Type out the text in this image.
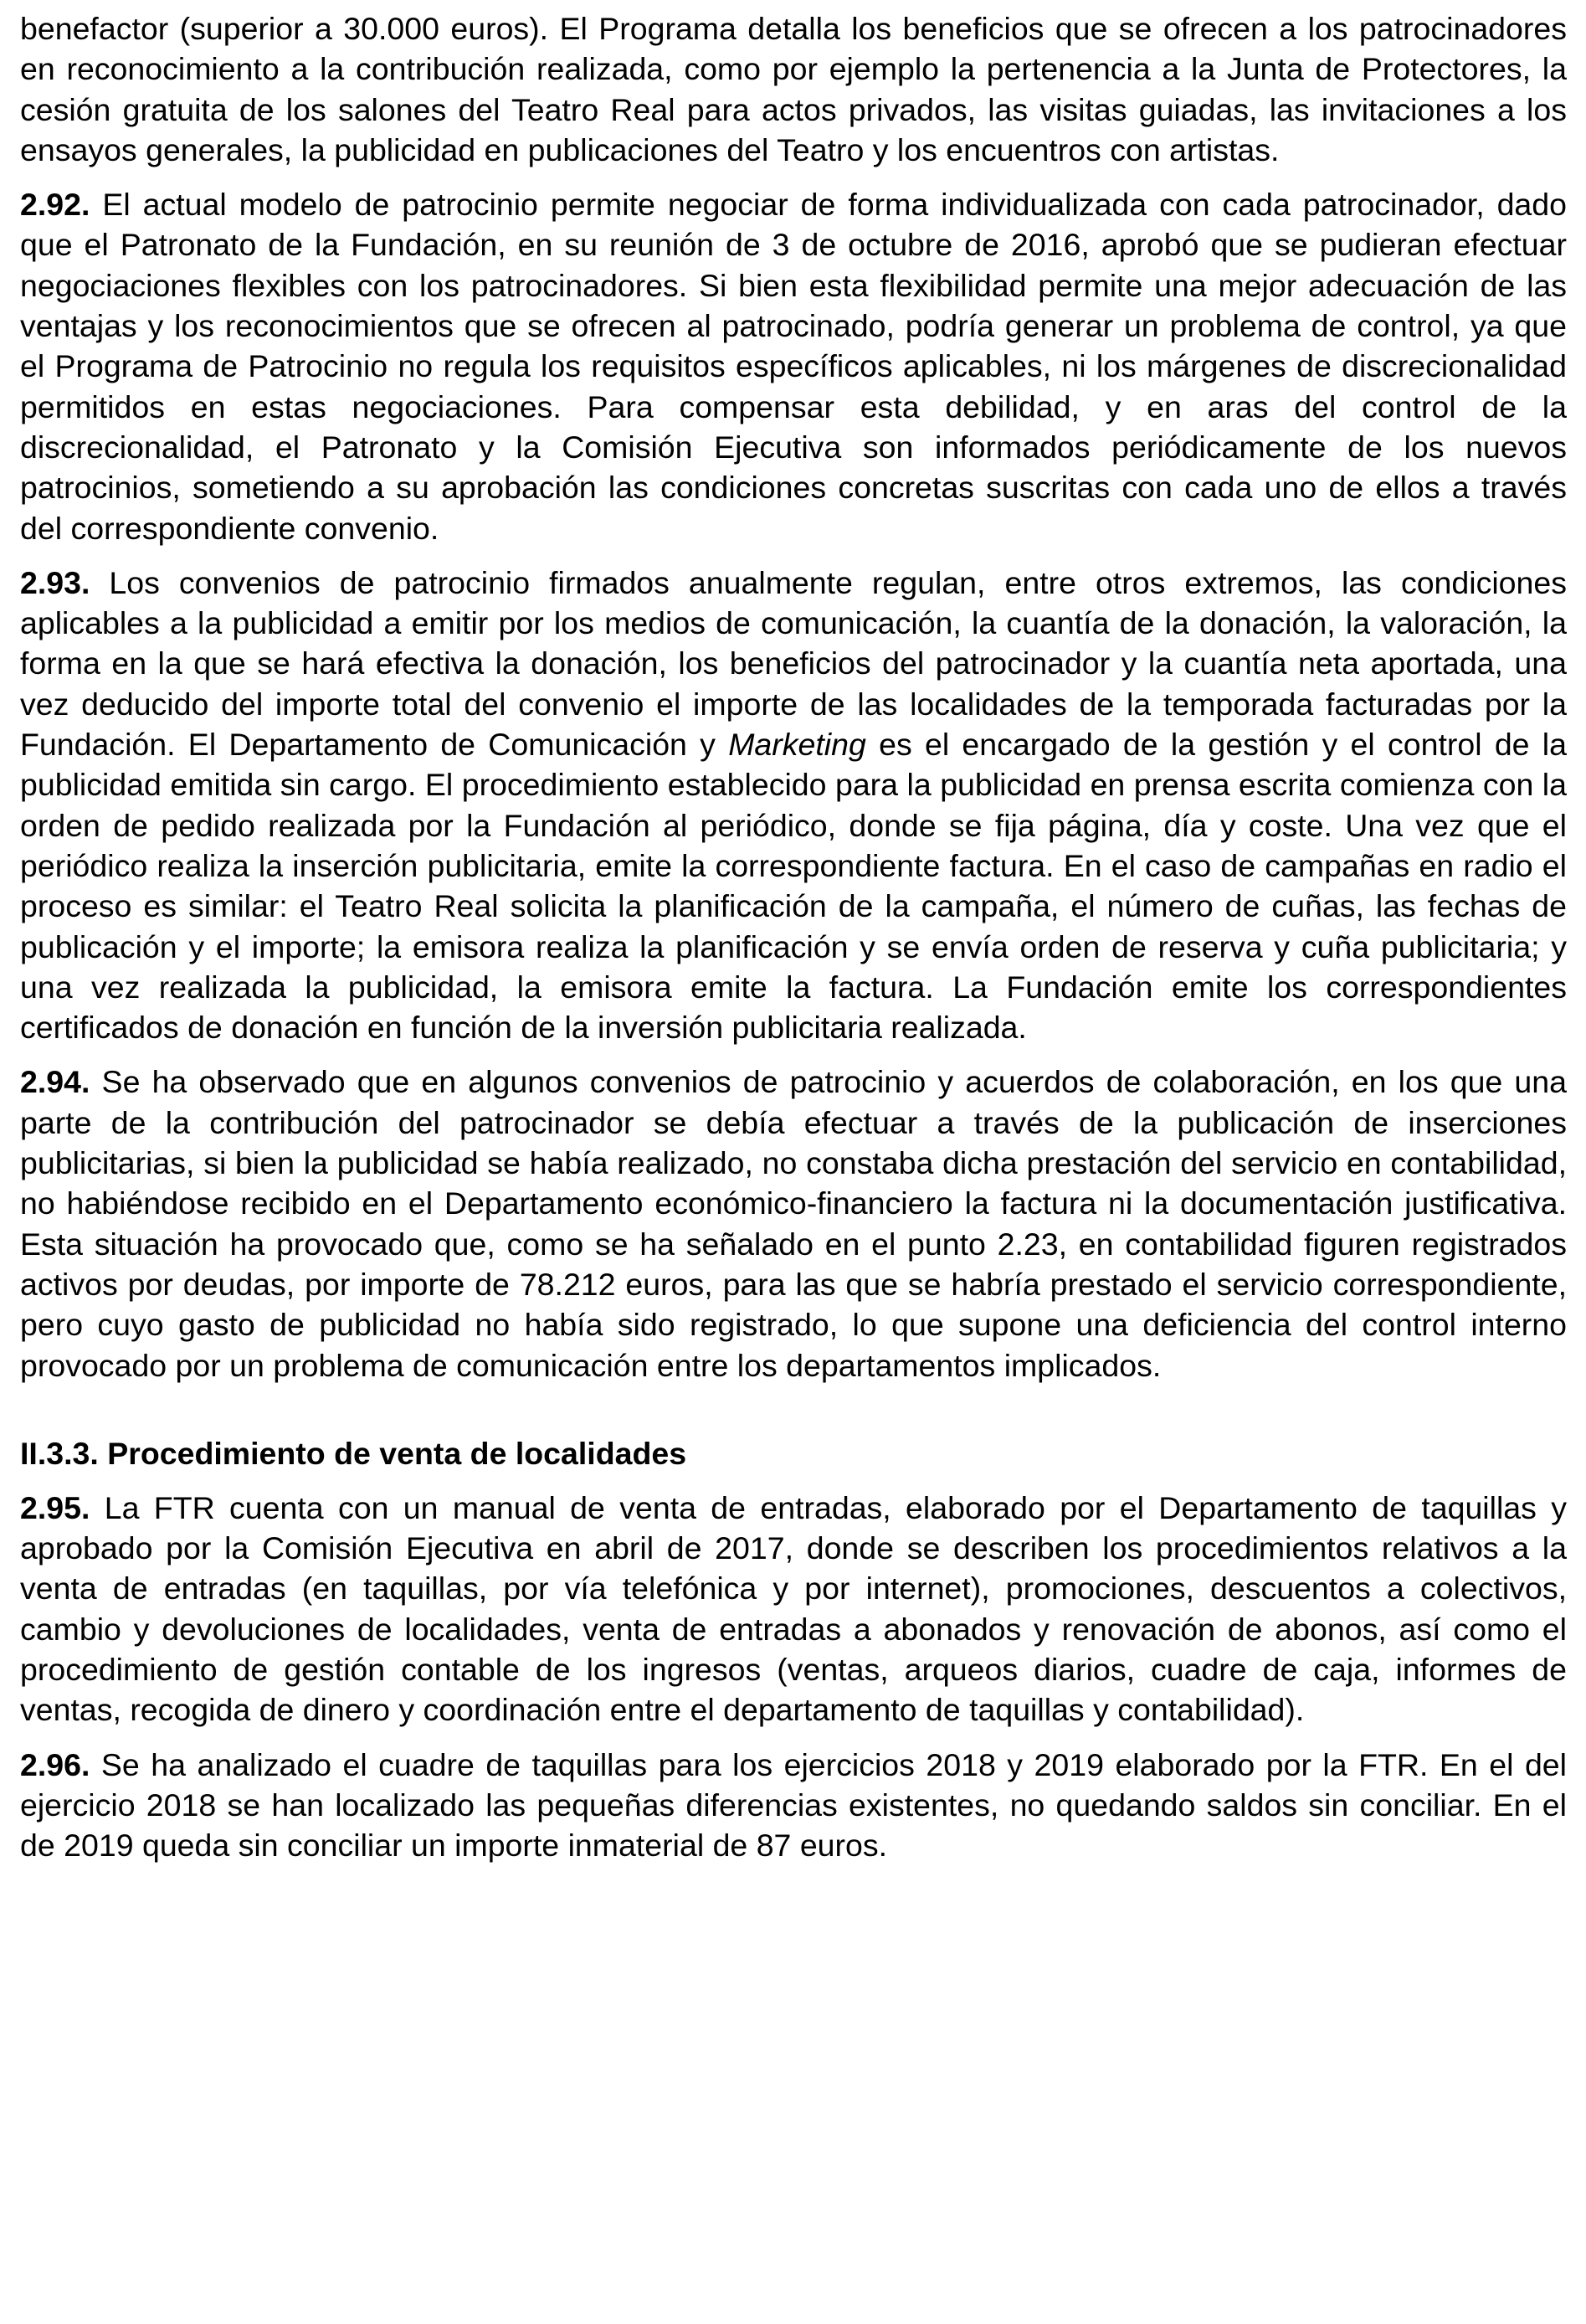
benefactor (superior a 30.000 euros). El Programa detalla los beneficios que se ofrecen a los patrocinadores en reconocimiento a la contribución realizada, como por ejemplo la pertenencia a la Junta de Protectores, la cesión gratuita de los salones del Teatro Real para actos privados, las visitas guiadas, las invitaciones a los ensayos generales, la publicidad en publicaciones del Teatro y los encuentros con artistas.

2.92. El actual modelo de patrocinio permite negociar de forma individualizada con cada patrocinador, dado que el Patronato de la Fundación, en su reunión de 3 de octubre de 2016, aprobó que se pudieran efectuar negociaciones flexibles con los patrocinadores. Si bien esta flexibilidad permite una mejor adecuación de las ventajas y los reconocimientos que se ofrecen al patrocinado, podría generar un problema de control, ya que el Programa de Patrocinio no regula los requisitos específicos aplicables, ni los márgenes de discrecionalidad permitidos en estas negociaciones. Para compensar esta debilidad, y en aras del control de la discrecionalidad, el Patronato y la Comisión Ejecutiva son informados periódicamente de los nuevos patrocinios, sometiendo a su aprobación las condiciones concretas suscritas con cada uno de ellos a través del correspondiente convenio.

2.93. Los convenios de patrocinio firmados anualmente regulan, entre otros extremos, las condiciones aplicables a la publicidad a emitir por los medios de comunicación, la cuantía de la donación, la valoración, la forma en la que se hará efectiva la donación, los beneficios del patrocinador y la cuantía neta aportada, una vez deducido del importe total del convenio el importe de las localidades de la temporada facturadas por la Fundación. El Departamento de Comunicación y Marketing es el encargado de la gestión y el control de la publicidad emitida sin cargo. El procedimiento establecido para la publicidad en prensa escrita comienza con la orden de pedido realizada por la Fundación al periódico, donde se fija página, día y coste. Una vez que el periódico realiza la inserción publicitaria, emite la correspondiente factura. En el caso de campañas en radio el proceso es similar: el Teatro Real solicita la planificación de la campaña, el número de cuñas, las fechas de publicación y el importe; la emisora realiza la planificación y se envía orden de reserva y cuña publicitaria; y una vez realizada la publicidad, la emisora emite la factura. La Fundación emite los correspondientes certificados de donación en función de la inversión publicitaria realizada.

2.94. Se ha observado que en algunos convenios de patrocinio y acuerdos de colaboración, en los que una parte de la contribución del patrocinador se debía efectuar a través de la publicación de inserciones publicitarias, si bien la publicidad se había realizado, no constaba dicha prestación del servicio en contabilidad, no habiéndose recibido en el Departamento económico-financiero la factura ni la documentación justificativa. Esta situación ha provocado que, como se ha señalado en el punto 2.23, en contabilidad figuren registrados activos por deudas, por importe de 78.212 euros, para las que se habría prestado el servicio correspondiente, pero cuyo gasto de publicidad no había sido registrado, lo que supone una deficiencia del control interno provocado por un problema de comunicación entre los departamentos implicados.

II.3.3. Procedimiento de venta de localidades

2.95. La FTR cuenta con un manual de venta de entradas, elaborado por el Departamento de taquillas y aprobado por la Comisión Ejecutiva en abril de 2017, donde se describen los procedimientos relativos a la venta de entradas (en taquillas, por vía telefónica y por internet), promociones, descuentos a colectivos, cambio y devoluciones de localidades, venta de entradas a abonados y renovación de abonos, así como el procedimiento de gestión contable de los ingresos (ventas, arqueos diarios, cuadre de caja, informes de ventas, recogida de dinero y coordinación entre el departamento de taquillas y contabilidad).

2.96. Se ha analizado el cuadre de taquillas para los ejercicios 2018 y 2019 elaborado por la FTR. En el del ejercicio 2018 se han localizado las pequeñas diferencias existentes, no quedando saldos sin conciliar. En el de 2019 queda sin conciliar un importe inmaterial de 87 euros.
